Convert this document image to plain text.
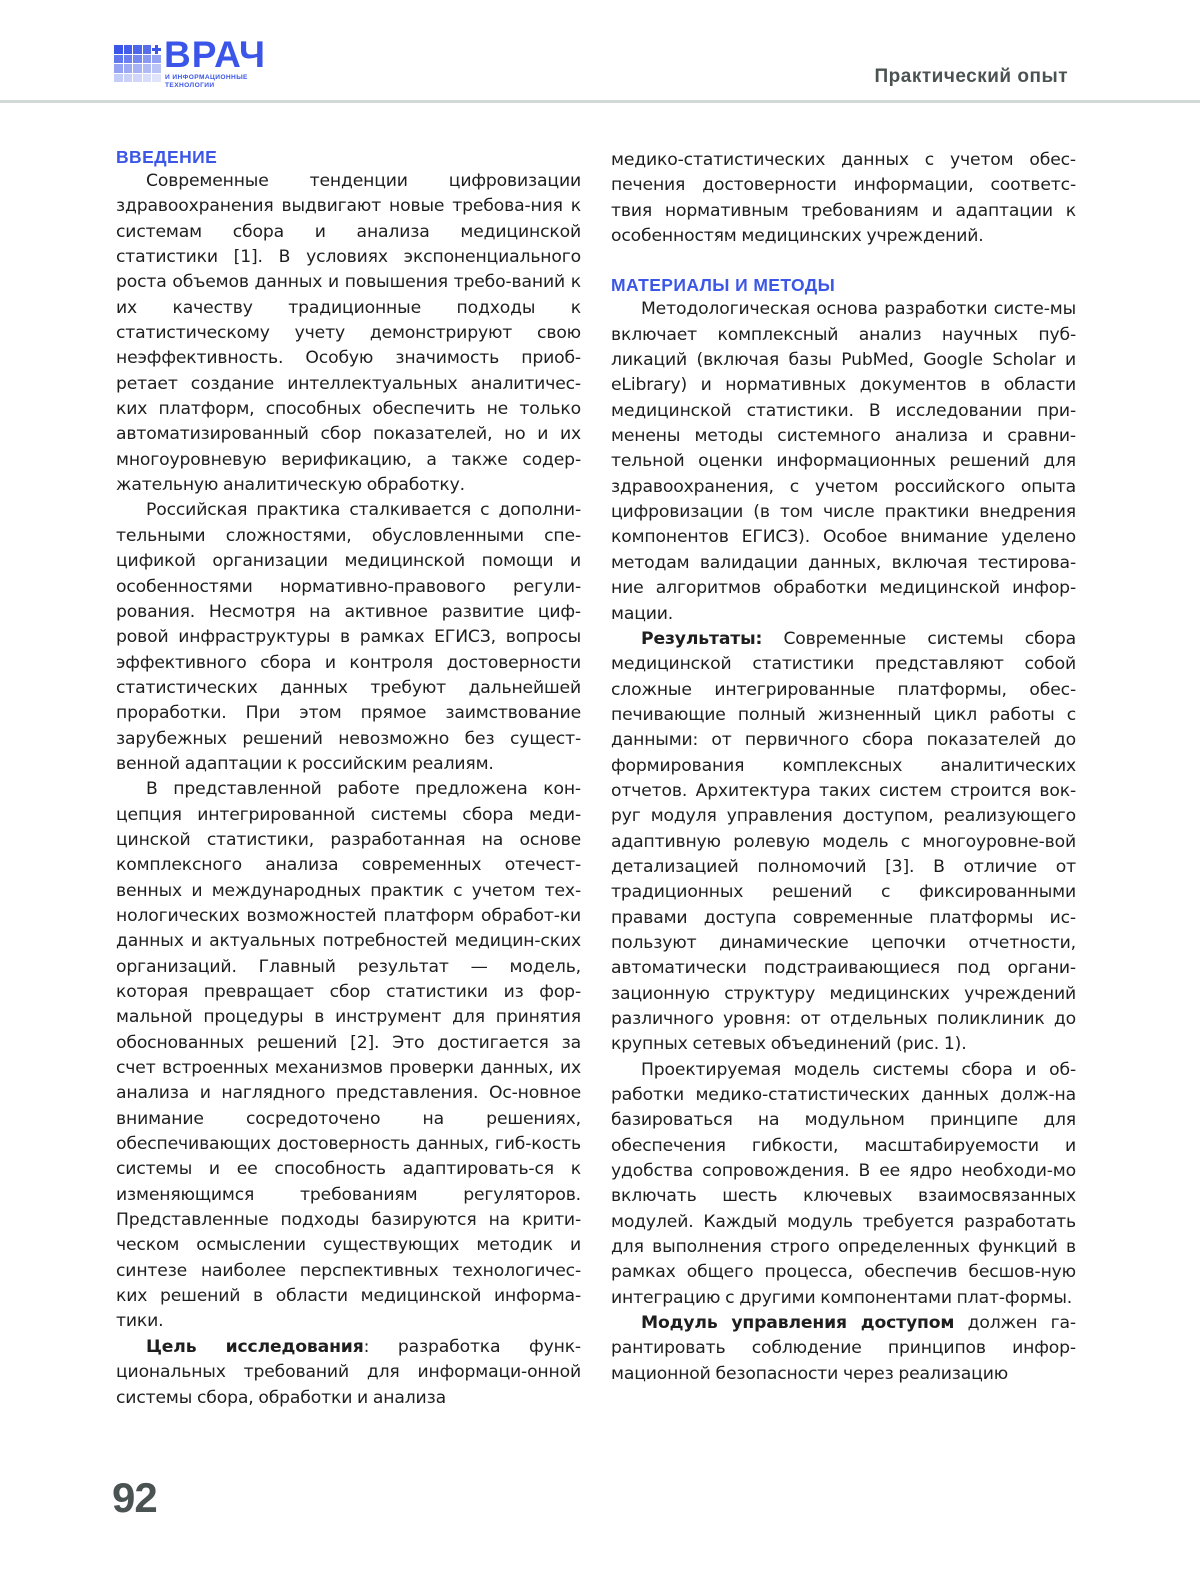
ВРАЧ
И ИНФОРМАЦИОННЫЕ
ТЕХНОЛОГИИ	Практический опыт
ВВЕДЕНИЕ

Современные тенденции цифровизации здравоохранения выдвигают новые требова-ния к системам сбора и анализа медицинской статистики [1]. В условиях экспоненциального роста объемов данных и повышения требо-ваний к их качеству традиционные подходы к статистическому учету демонстрируют свою неэффективность. Особую значимость приоб-ретает создание интеллектуальных аналитичес-ких платформ, способных обеспечить не только автоматизированный сбор показателей, но и их многоуровневую верификацию, а также содер-жательную аналитическую обработку.

Российская практика сталкивается с дополни-тельными сложностями, обусловленными спе-цификой организации медицинской помощи и особенностями нормативно-правового регули-рования. Несмотря на активное развитие циф-ровой инфраструктуры в рамках ЕГИСЗ, вопросы эффективного сбора и контроля достоверности статистических данных требуют дальнейшей проработки. При этом прямое заимствование зарубежных решений невозможно без сущест-венной адаптации к российским реалиям.

В представленной работе предложена кон-цепция интегрированной системы сбора меди-цинской статистики, разработанная на основе комплексного анализа современных отечест-венных и международных практик с учетом тех-нологических возможностей платформ обработ-ки данных и актуальных потребностей медицин-ских организаций. Главный результат — модель, которая превращает сбор статистики из фор-мальной процедуры в инструмент для принятия обоснованных решений [2]. Это достигается за счет встроенных механизмов проверки данных, их анализа и наглядного представления. Ос-новное внимание сосредоточено на решениях, обеспечивающих достоверность данных, гиб-кость системы и ее способность адаптировать-ся к изменяющимся требованиям регуляторов. Представленные подходы базируются на крити-ческом осмыслении существующих методик и синтезе наиболее перспективных технологичес-ких решений в области медицинской информа-тики.

Цель исследования: разработка функ-циональных требований для информаци-онной системы сбора, обработки и анализа

медико-статистических данных с учетом обес-печения достоверности информации, соответс-твия нормативным требованиям и адаптации к особенностям медицинских учреждений.

МАТЕРИАЛЫ И МЕТОДЫ

Методологическая основа разработки систе-мы включает комплексный анализ научных пуб-ликаций (включая базы PubMed, Google Scholar и eLibrary) и нормативных документов в области медицинской статистики. В исследовании при-менены методы системного анализа и сравни-тельной оценки информационных решений для здравоохранения, с учетом российского опыта цифровизации (в том числе практики внедрения компонентов ЕГИСЗ). Особое внимание уделено методам валидации данных, включая тестирова-ние алгоритмов обработки медицинской инфор-мации.

Результаты: Современные системы сбора медицинской статистики представляют собой сложные интегрированные платформы, обес-печивающие полный жизненный цикл работы с данными: от первичного сбора показателей до формирования комплексных аналитических отчетов. Архитектура таких систем строится вок-руг модуля управления доступом, реализующего адаптивную ролевую модель с многоуровне-вой детализацией полномочий [3]. В отличие от традиционных решений с фиксированными правами доступа современные платформы ис-пользуют динамические цепочки отчетности, автоматически подстраивающиеся под органи-зационную структуру медицинских учреждений различного уровня: от отдельных поликлиник до крупных сетевых объединений (рис. 1).

Проектируемая модель системы сбора и об-работки медико-статистических данных долж-на базироваться на модульном принципе для обеспечения гибкости, масштабируемости и удобства сопровождения. В ее ядро необходи-мо включать шесть ключевых взаимосвязанных модулей. Каждый модуль требуется разработать для выполнения строго определенных функций в рамках общего процесса, обеспечив бесшов-ную интеграцию с другими компонентами плат-формы.

Модуль управления доступом должен га-рантировать соблюдение принципов инфор-мационной безопасности через реализацию

92
